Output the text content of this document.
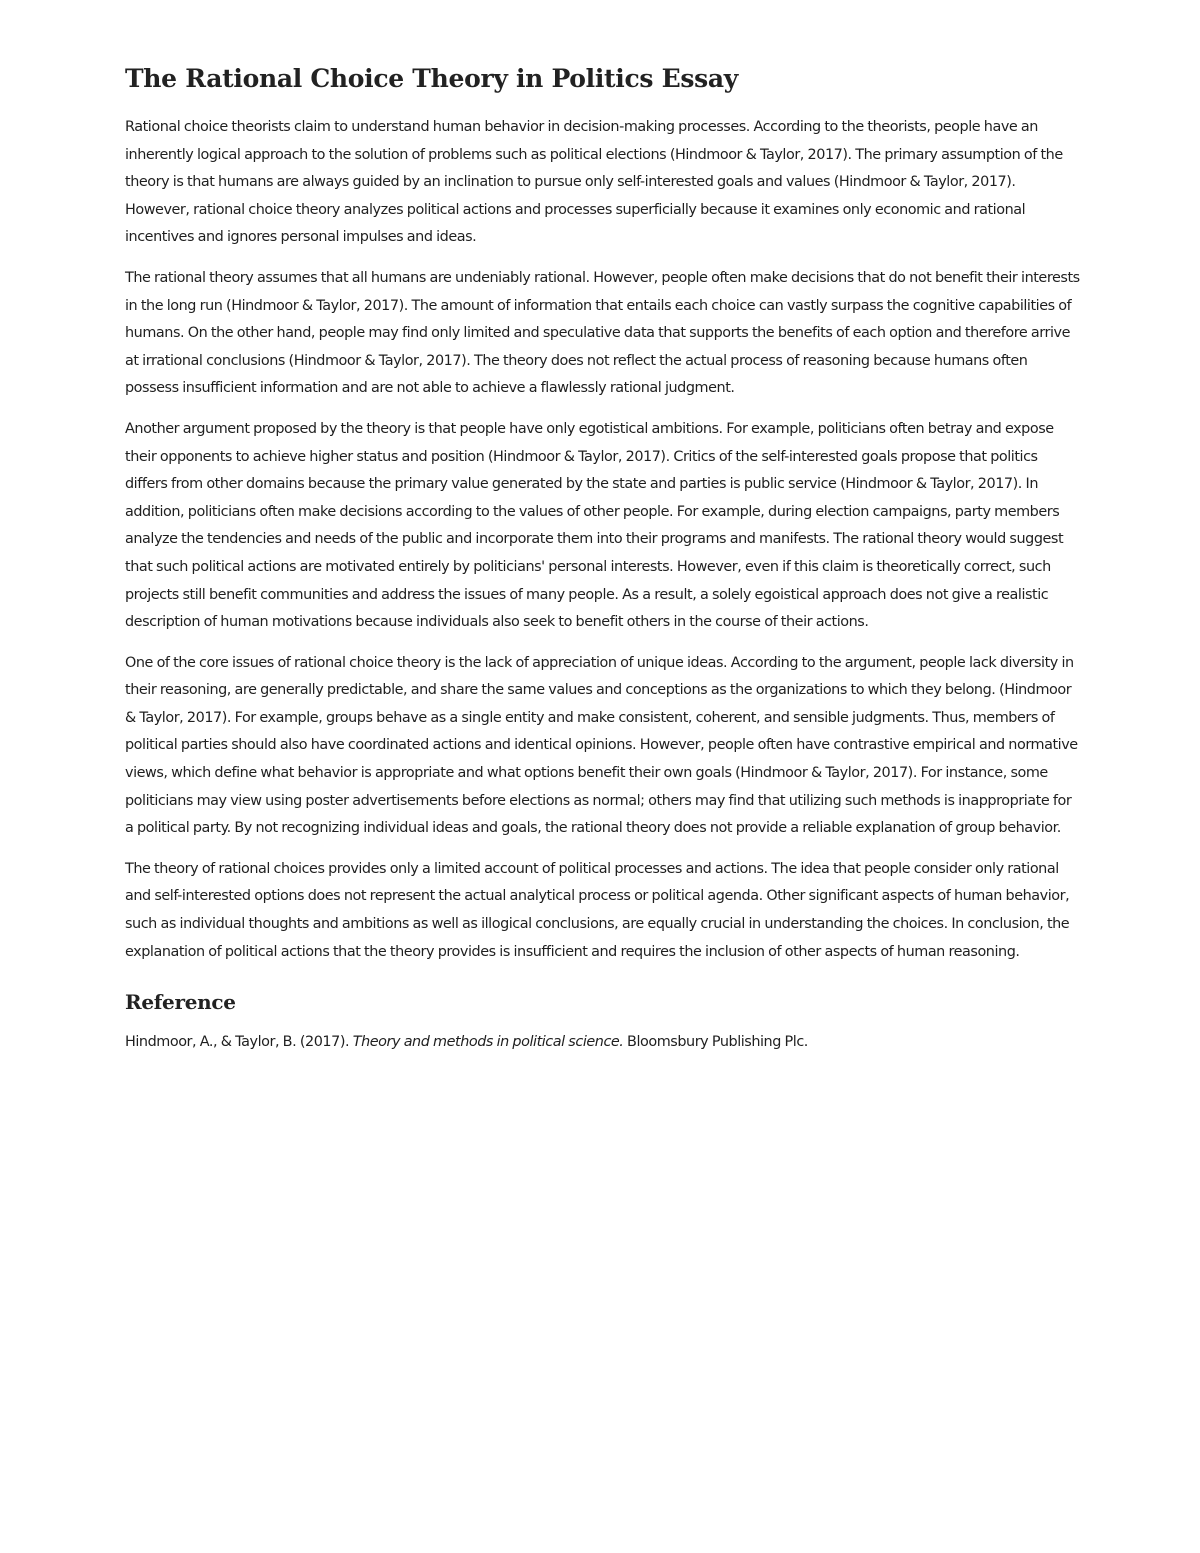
The Rational Choice Theory in Politics Essay

Rational choice theorists claim to understand human behavior in decision-making processes. According to the theorists, people have an inherently logical approach to the solution of problems such as political elections (Hindmoor & Taylor, 2017). The primary assumption of the theory is that humans are always guided by an inclination to pursue only self-interested goals and values (Hindmoor & Taylor, 2017). However, rational choice theory analyzes political actions and processes superficially because it examines only economic and rational incentives and ignores personal impulses and ideas.

The rational theory assumes that all humans are undeniably rational. However, people often make decisions that do not benefit their interests in the long run (Hindmoor & Taylor, 2017). The amount of information that entails each choice can vastly surpass the cognitive capabilities of humans. On the other hand, people may find only limited and speculative data that supports the benefits of each option and therefore arrive at irrational conclusions (Hindmoor & Taylor, 2017). The theory does not reflect the actual process of reasoning because humans often possess insufficient information and are not able to achieve a flawlessly rational judgment.

Another argument proposed by the theory is that people have only egotistical ambitions. For example, politicians often betray and expose their opponents to achieve higher status and position (Hindmoor & Taylor, 2017). Critics of the self-interested goals propose that politics differs from other domains because the primary value generated by the state and parties is public service (Hindmoor & Taylor, 2017). In addition, politicians often make decisions according to the values of other people. For example, during election campaigns, party members analyze the tendencies and needs of the public and incorporate them into their programs and manifests. The rational theory would suggest that such political actions are motivated entirely by politicians' personal interests. However, even if this claim is theoretically correct, such projects still benefit communities and address the issues of many people. As a result, a solely egoistical approach does not give a realistic description of human motivations because individuals also seek to benefit others in the course of their actions.

One of the core issues of rational choice theory is the lack of appreciation of unique ideas. According to the argument, people lack diversity in their reasoning, are generally predictable, and share the same values and conceptions as the organizations to which they belong. (Hindmoor & Taylor, 2017). For example, groups behave as a single entity and make consistent, coherent, and sensible judgments. Thus, members of political parties should also have coordinated actions and identical opinions. However, people often have contrastive empirical and normative views, which define what behavior is appropriate and what options benefit their own goals (Hindmoor & Taylor, 2017). For instance, some politicians may view using poster advertisements before elections as normal; others may find that utilizing such methods is inappropriate for a political party. By not recognizing individual ideas and goals, the rational theory does not provide a reliable explanation of group behavior.

The theory of rational choices provides only a limited account of political processes and actions. The idea that people consider only rational and self-interested options does not represent the actual analytical process or political agenda. Other significant aspects of human behavior, such as individual thoughts and ambitions as well as illogical conclusions, are equally crucial in understanding the choices. In conclusion, the explanation of political actions that the theory provides is insufficient and requires the inclusion of other aspects of human reasoning.

Reference

Hindmoor, A., & Taylor, B. (2017). Theory and methods in political science. Bloomsbury Publishing Plc.
